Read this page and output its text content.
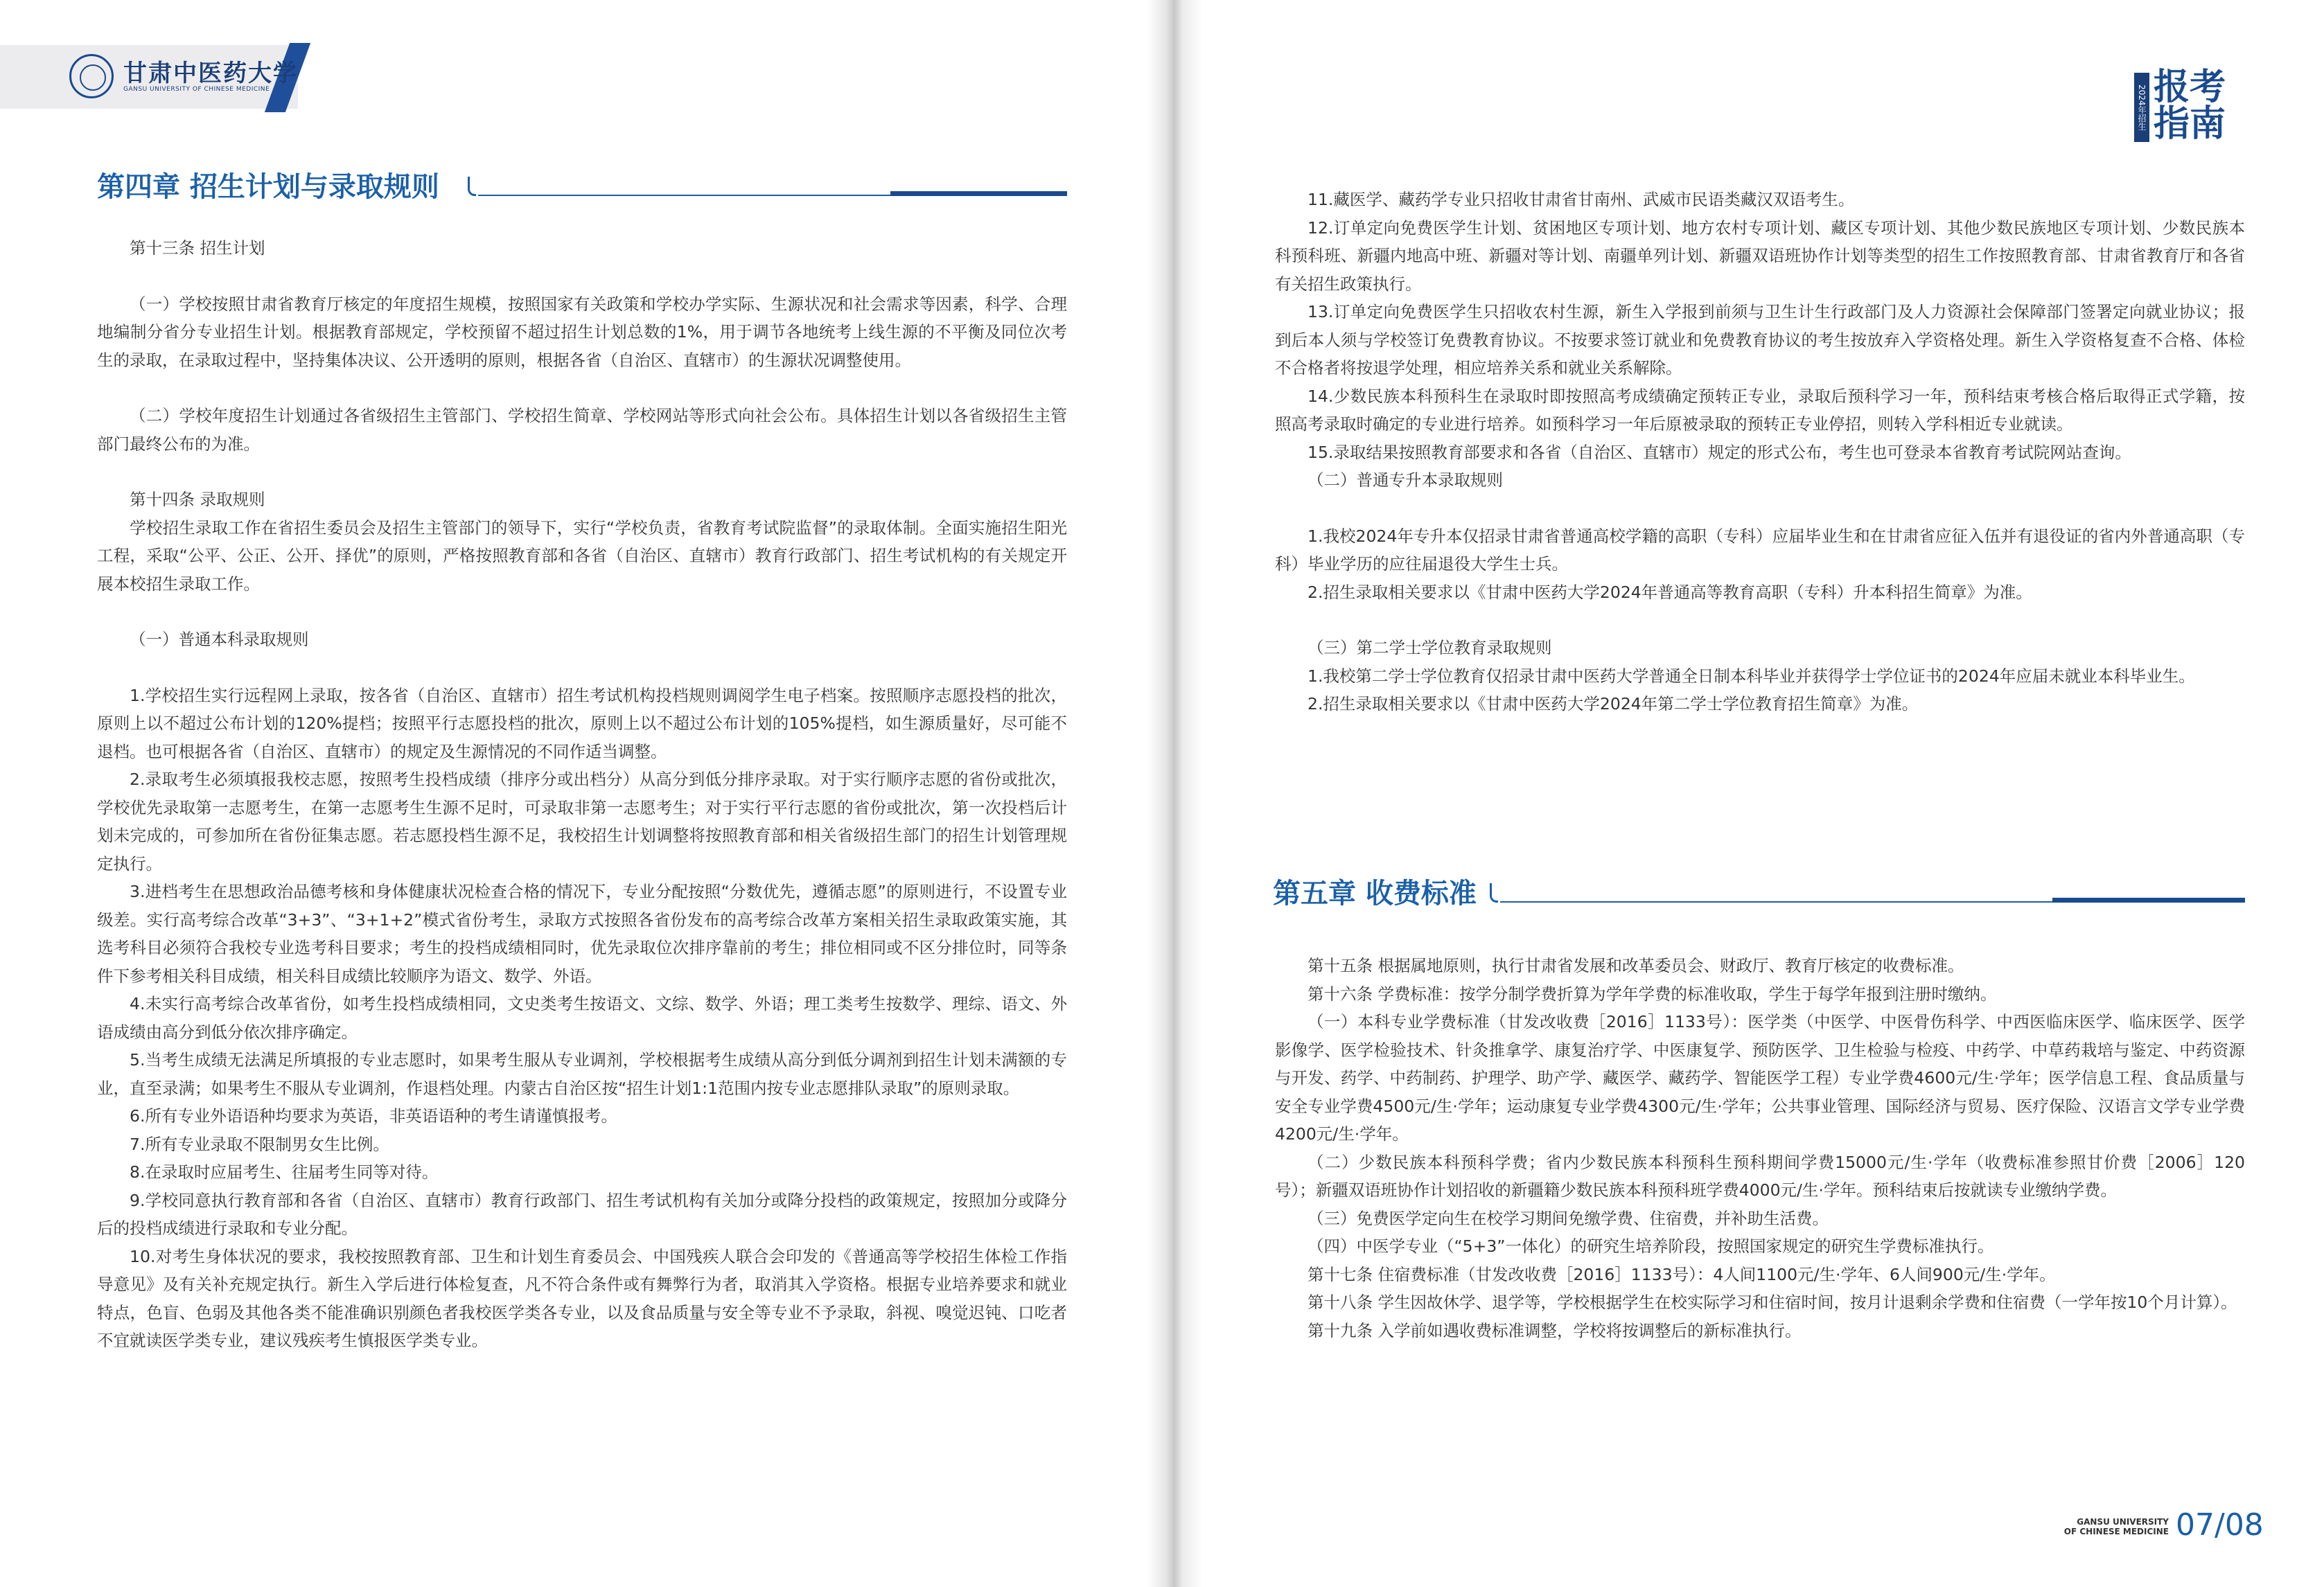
甘肃中医药大学
GANSU UNIVERSITY OF CHINESE MEDICINE
第四章 招生计划与录取规则

第十三条 招生计划

（一）学校按照甘肃省教育厅核定的年度招生规模，按照国家有关政策和学校办学实际、生源状况和社会需求等因素，科学、合理地编制分省分专业招生计划。根据教育部规定，学校预留不超过招生计划总数的1%，用于调节各地统考上线生源的不平衡及同位次考生的录取，在录取过程中，坚持集体决议、公开透明的原则，根据各省（自治区、直辖市）的生源状况调整使用。

（二）学校年度招生计划通过各省级招生主管部门、学校招生简章、学校网站等形式向社会公布。具体招生计划以各省级招生主管部门最终公布的为准。

第十四条 录取规则

学校招生录取工作在省招生委员会及招生主管部门的领导下，实行“学校负责，省教育考试院监督”的录取体制。全面实施招生阳光工程，采取“公平、公正、公开、择优”的原则，严格按照教育部和各省（自治区、直辖市）教育行政部门、招生考试机构的有关规定开展本校招生录取工作。

（一）普通本科录取规则

1.学校招生实行远程网上录取，按各省（自治区、直辖市）招生考试机构投档规则调阅学生电子档案。按照顺序志愿投档的批次，原则上以不超过公布计划的120%提档；按照平行志愿投档的批次，原则上以不超过公布计划的105%提档，如生源质量好，尽可能不退档。也可根据各省（自治区、直辖市）的规定及生源情况的不同作适当调整。

2.录取考生必须填报我校志愿，按照考生投档成绩（排序分或出档分）从高分到低分排序录取。对于实行顺序志愿的省份或批次，学校优先录取第一志愿考生，在第一志愿考生生源不足时，可录取非第一志愿考生；对于实行平行志愿的省份或批次，第一次投档后计划未完成的，可参加所在省份征集志愿。若志愿投档生源不足，我校招生计划调整将按照教育部和相关省级招生部门的招生计划管理规定执行。

3.进档考生在思想政治品德考核和身体健康状况检查合格的情况下，专业分配按照“分数优先，遵循志愿”的原则进行，不设置专业级差。实行高考综合改革“3+3”、“3+1+2”模式省份考生，录取方式按照各省份发布的高考综合改革方案相关招生录取政策实施，其选考科目必须符合我校专业选考科目要求；考生的投档成绩相同时，优先录取位次排序靠前的考生；排位相同或不区分排位时，同等条件下参考相关科目成绩，相关科目成绩比较顺序为语文、数学、外语。

4.未实行高考综合改革省份，如考生投档成绩相同，文史类考生按语文、文综、数学、外语；理工类考生按数学、理综、语文、外语成绩由高分到低分依次排序确定。

5.当考生成绩无法满足所填报的专业志愿时，如果考生服从专业调剂，学校根据考生成绩从高分到低分调剂到招生计划未满额的专业，直至录满；如果考生不服从专业调剂，作退档处理。内蒙古自治区按“招生计划1:1范围内按专业志愿排队录取”的原则录取。

6.所有专业外语语种均要求为英语，非英语语种的考生请谨慎报考。

7.所有专业录取不限制男女生比例。

8.在录取时应届考生、往届考生同等对待。

9.学校同意执行教育部和各省（自治区、直辖市）教育行政部门、招生考试机构有关加分或降分投档的政策规定，按照加分或降分后的投档成绩进行录取和专业分配。

10.对考生身体状况的要求，我校按照教育部、卫生和计划生育委员会、中国残疾人联合会印发的《普通高等学校招生体检工作指导意见》及有关补充规定执行。新生入学后进行体检复查，凡不符合条件或有舞弊行为者，取消其入学资格。根据专业培养要求和就业特点，色盲、色弱及其他各类不能准确识别颜色者我校医学类各专业，以及食品质量与安全等专业不予录取，斜视、嗅觉迟钝、口吃者不宜就读医学类专业，建议残疾考生慎报医学类专业。

2024年招生 报考
指南

11.藏医学、藏药学专业只招收甘肃省甘南州、武威市民语类藏汉双语考生。

12.订单定向免费医学生计划、贫困地区专项计划、地方农村专项计划、藏区专项计划、其他少数民族地区专项计划、少数民族本科预科班、新疆内地高中班、新疆对等计划、南疆单列计划、新疆双语班协作计划等类型的招生工作按照教育部、甘肃省教育厅和各省有关招生政策执行。

13.订单定向免费医学生只招收农村生源，新生入学报到前须与卫生计生行政部门及人力资源社会保障部门签署定向就业协议；报到后本人须与学校签订免费教育协议。不按要求签订就业和免费教育协议的考生按放弃入学资格处理。新生入学资格复查不合格、体检不合格者将按退学处理，相应培养关系和就业关系解除。

14.少数民族本科预科生在录取时即按照高考成绩确定预转正专业，录取后预科学习一年，预科结束考核合格后取得正式学籍，按照高考录取时确定的专业进行培养。如预科学习一年后原被录取的预转正专业停招，则转入学科相近专业就读。

15.录取结果按照教育部要求和各省（自治区、直辖市）规定的形式公布，考生也可登录本省教育考试院网站查询。

（二）普通专升本录取规则

1.我校2024年专升本仅招录甘肃省普通高校学籍的高职（专科）应届毕业生和在甘肃省应征入伍并有退役证的省内外普通高职（专科）毕业学历的应往届退役大学生士兵。

2.招生录取相关要求以《甘肃中医药大学2024年普通高等教育高职（专科）升本科招生简章》为准。

（三）第二学士学位教育录取规则

1.我校第二学士学位教育仅招录甘肃中医药大学普通全日制本科毕业并获得学士学位证书的2024年应届未就业本科毕业生。

2.招生录取相关要求以《甘肃中医药大学2024年第二学士学位教育招生简章》为准。

第五章 收费标准

第十五条 根据属地原则，执行甘肃省发展和改革委员会、财政厅、教育厅核定的收费标准。

第十六条 学费标准：按学分制学费折算为学年学费的标准收取，学生于每学年报到注册时缴纳。

（一）本科专业学费标准（甘发改收费［2016］1133号）：医学类（中医学、中医骨伤科学、中西医临床医学、临床医学、医学影像学、医学检验技术、针灸推拿学、康复治疗学、中医康复学、预防医学、卫生检验与检疫、中药学、中草药栽培与鉴定、中药资源与开发、药学、中药制药、护理学、助产学、藏医学、藏药学、智能医学工程）专业学费4600元/生·学年；医学信息工程、食品质量与安全专业学费4500元/生·学年；运动康复专业学费4300元/生·学年；公共事业管理、国际经济与贸易、医疗保险、汉语言文学专业学费4200元/生·学年。

（二）少数民族本科预科学费；省内少数民族本科预科生预科期间学费15000元/生·学年（收费标准参照甘价费［2006］120号）；新疆双语班协作计划招收的新疆籍少数民族本科预科班学费4000元/生·学年。预科结束后按就读专业缴纳学费。

（三）免费医学定向生在校学习期间免缴学费、住宿费，并补助生活费。

（四）中医学专业（“5+3”一体化）的研究生培养阶段，按照国家规定的研究生学费标准执行。

第十七条 住宿费标准（甘发改收费［2016］1133号）：4人间1100元/生·学年、6人间900元/生·学年。

第十八条 学生因故休学、退学等，学校根据学生在校实际学习和住宿时间，按月计退剩余学费和住宿费（一学年按10个月计算）。

第十九条 入学前如遇收费标准调整，学校将按调整后的新标准执行。

GANSU UNIVERSITY
OF CHINESE MEDICINE 07/08
